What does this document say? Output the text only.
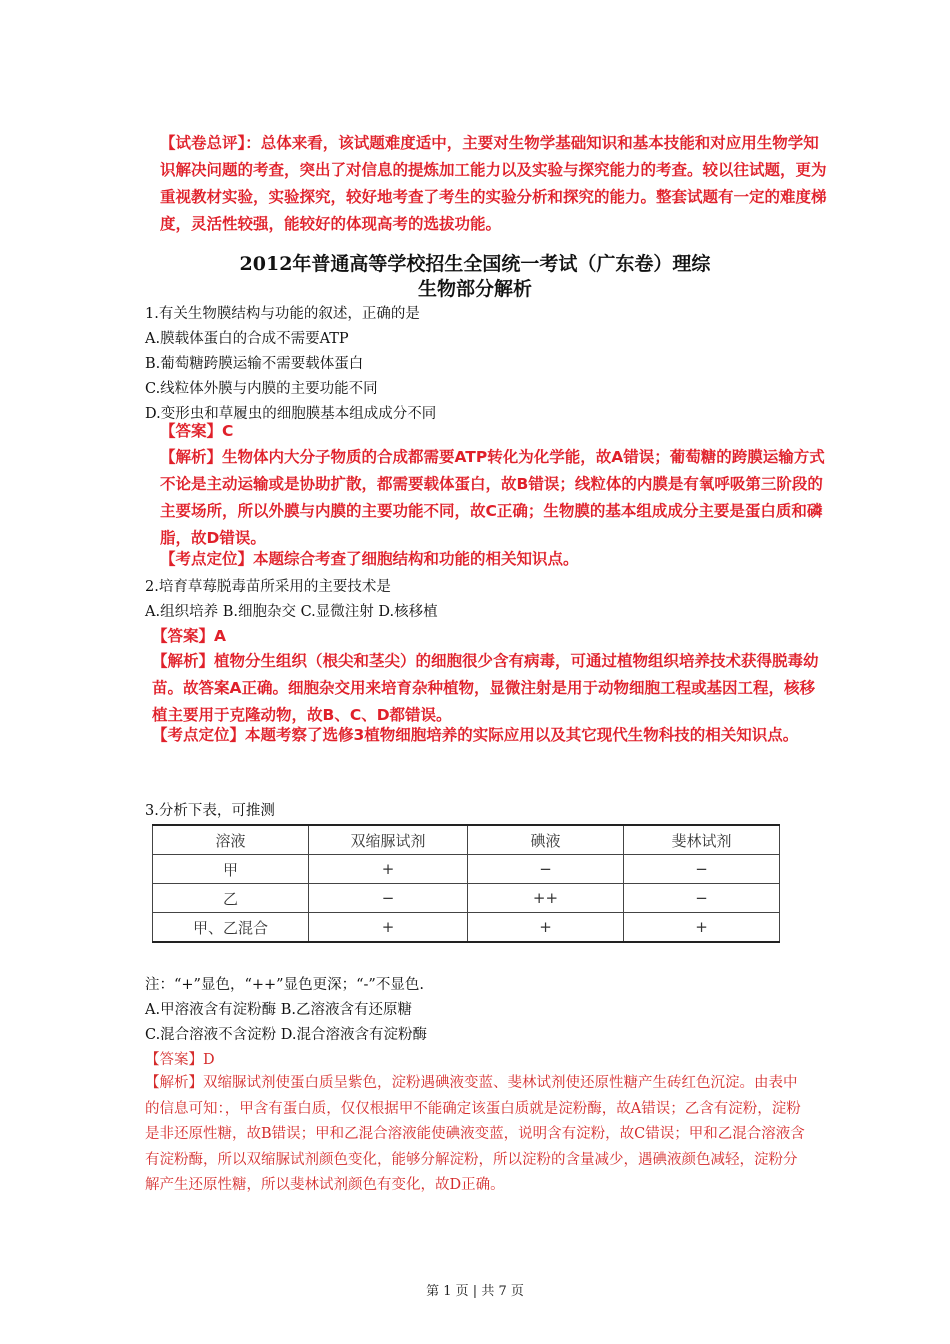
【试卷总评】：总体来看，该试题难度适中，主要对生物学基础知识和基本技能和对应用生物学知识解决问题的考查，突出了对信息的提炼加工能力以及实验与探究能力的考查。较以往试题，更为重视教材实验，实验探究，较好地考查了考生的实验分析和探究的能力。整套试题有一定的难度梯度，灵活性较强，能较好的体现高考的选拔功能。
2012年普通高等学校招生全国统一考试（广东卷）理综
生物部分解析
1.有关生物膜结构与功能的叙述，正确的是
A.膜载体蛋白的合成不需要ATP
B.葡萄糖跨膜运输不需要载体蛋白
C.线粒体外膜与内膜的主要功能不同
D.变形虫和草履虫的细胞膜基本组成成分不同
【答案】C
【解析】生物体内大分子物质的合成都需要ATP转化为化学能，故A错误；葡萄糖的跨膜运输方式不论是主动运输或是协助扩散，都需要载体蛋白，故B错误；线粒体的内膜是有氧呼吸第三阶段的主要场所，所以外膜与内膜的主要功能不同，故C正确；生物膜的基本组成成分主要是蛋白质和磷脂，故D错误。
【考点定位】本题综合考查了细胞结构和功能的相关知识点。
2.培育草莓脱毒苗所采用的主要技术是
A.组织培养 B.细胞杂交 C.显微注射 D.核移植
【答案】A
【解析】植物分生组织（根尖和茎尖）的细胞很少含有病毒，可通过植物组织培养技术获得脱毒幼苗。故答案A正确。细胞杂交用来培育杂种植物，显微注射是用于动物细胞工程或基因工程，核移植主要用于克隆动物，故B、C、D都错误。
【考点定位】本题考察了选修3植物细胞培养的实际应用以及其它现代生物科技的相关知识点。
3.分析下表，可推测
溶液	双缩脲试剂	碘液	斐林试剂
甲	+	−	−
乙	−	++	−
甲、乙混合	+	+	+
注：“+”显色，“++”显色更深；“-”不显色.
A.甲溶液含有淀粉酶 B.乙溶液含有还原糖
C.混合溶液不含淀粉 D.混合溶液含有淀粉酶
【答案】D
【解析】双缩脲试剂使蛋白质呈紫色，淀粉遇碘液变蓝、斐林试剂使还原性糖产生砖红色沉淀。由表中的信息可知：，甲含有蛋白质，仅仅根据甲不能确定该蛋白质就是淀粉酶，故A错误；乙含有淀粉，淀粉是非还原性糖，故B错误；甲和乙混合溶液能使碘液变蓝，说明含有淀粉，故C错误；甲和乙混合溶液含有淀粉酶，所以双缩脲试剂颜色变化，能够分解淀粉，所以淀粉的含量减少，遇碘液颜色减轻，淀粉分解产生还原性糖，所以斐林试剂颜色有变化，故D正确。
第 1 页 | 共 7 页
